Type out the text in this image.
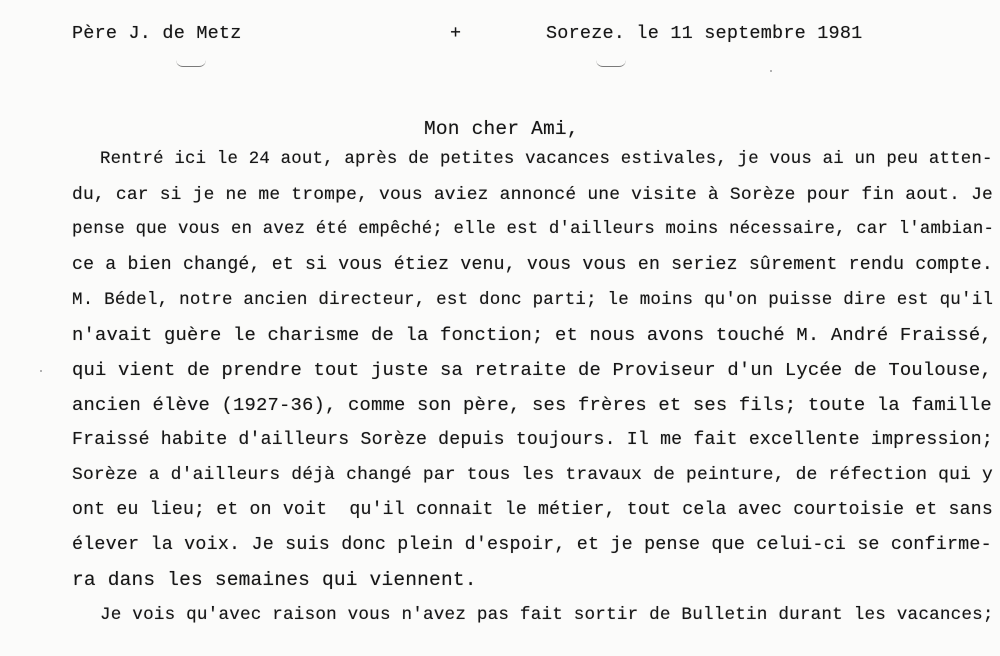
Père J. de Metz	+	Soreze. le 11 septembre 1981
Mon cher Ami,
Rentré ici le 24 aout, après de petites vacances estivales, je vous ai un peu atten-
du, car si je ne me trompe, vous aviez annoncé une visite à Sorèze pour fin aout. Je
pense que vous en avez été empêché; elle est d'ailleurs moins nécessaire, car l'ambian-
ce a bien changé, et si vous étiez venu, vous vous en seriez sûrement rendu compte.
M. Bédel, notre ancien directeur, est donc parti; le moins qu'on puisse dire est qu'il
n'avait guère le charisme de la fonction; et nous avons touché M. André Fraissé,
qui vient de prendre tout juste sa retraite de Proviseur d'un Lycée de Toulouse,
ancien élève (1927-36), comme son père, ses frères et ses fils; toute la famille
Fraissé habite d'ailleurs Sorèze depuis toujours. Il me fait excellente impression;
Sorèze a d'ailleurs déjà changé par tous les travaux de peinture, de réfection qui y
ont eu lieu; et on voit  qu'il connait le métier, tout cela avec courtoisie et sans
élever la voix. Je suis donc plein d'espoir, et je pense que celui-ci se confirme-
ra dans les semaines qui viennent.
Je vois qu'avec raison vous n'avez pas fait sortir de Bulletin durant les vacances;
